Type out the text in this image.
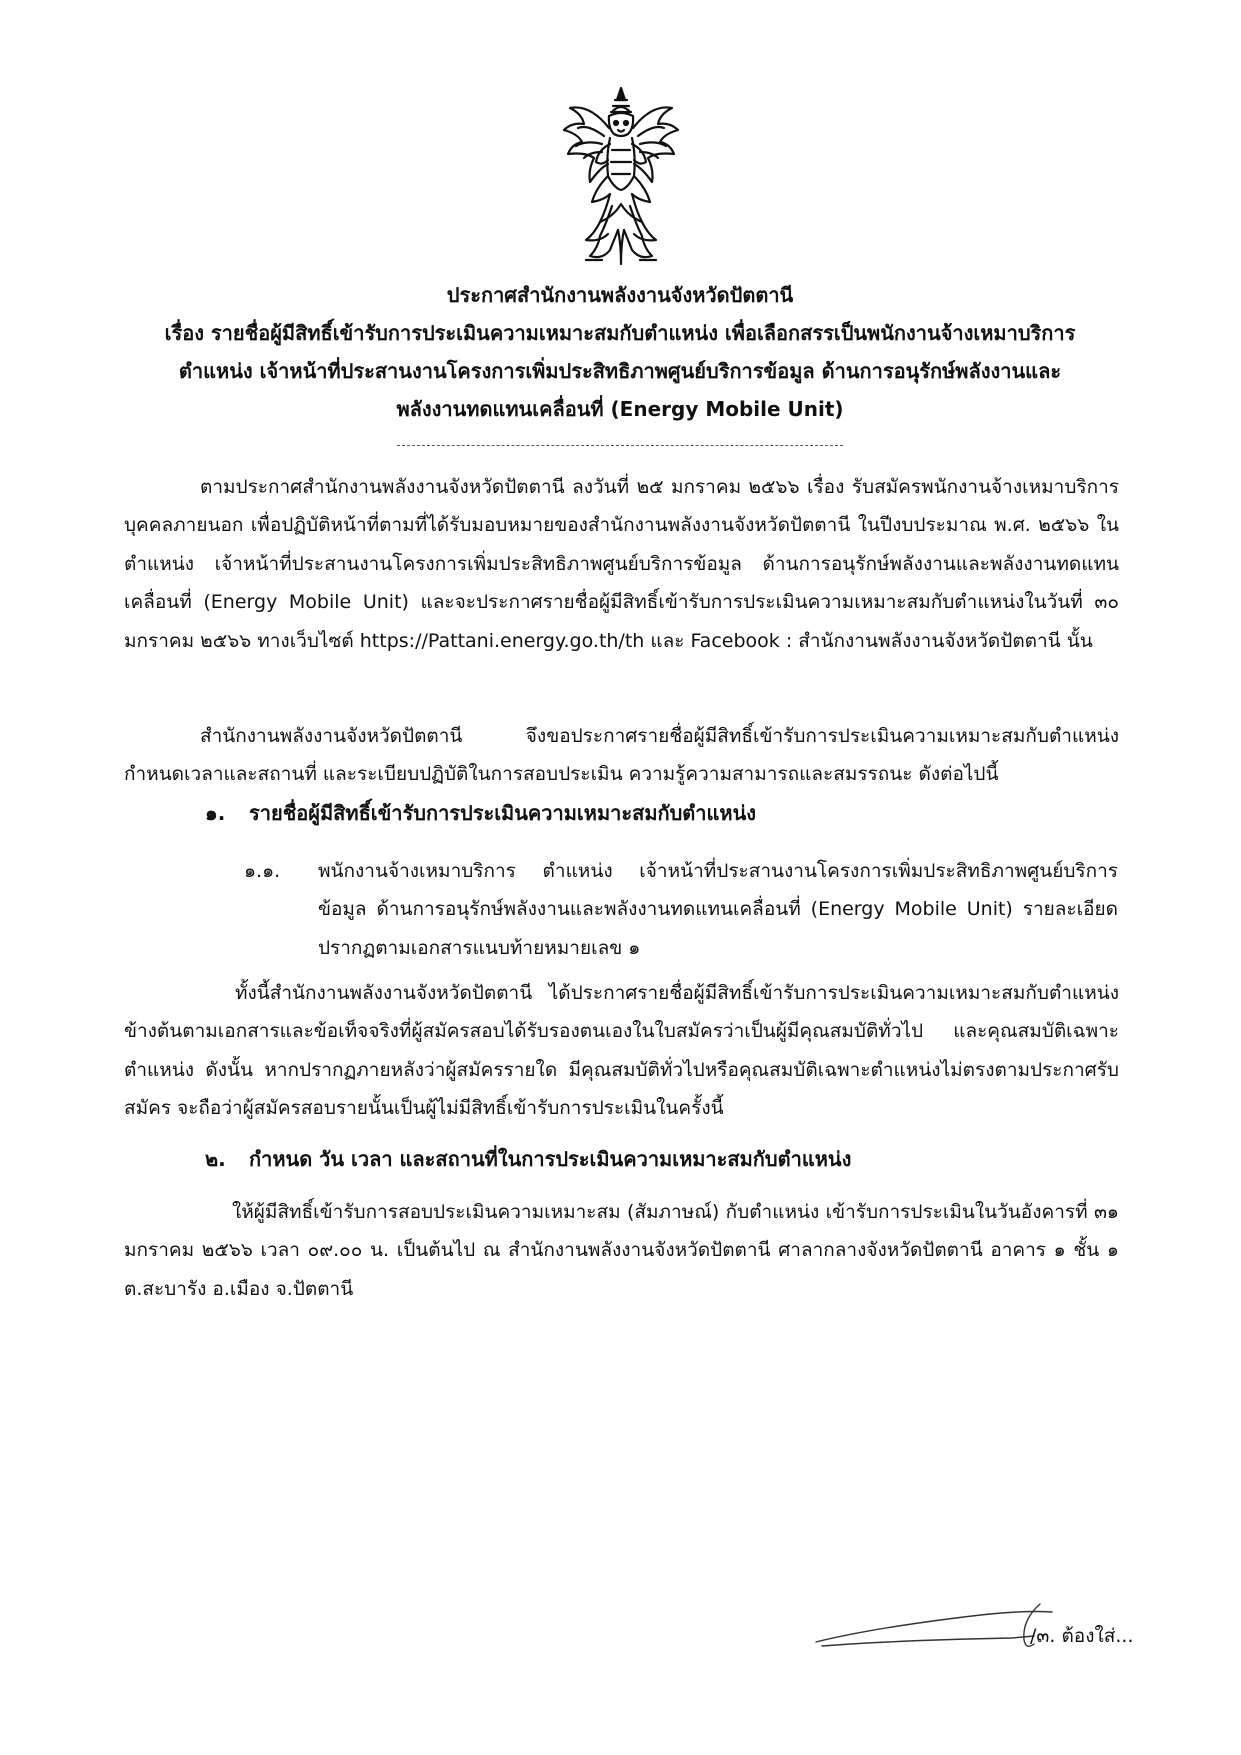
ประกาศสำนักงานพลังงานจังหวัดปัตตานี
เรื่อง รายชื่อผู้มีสิทธิ์เข้ารับการประเมินความเหมาะสมกับตำแหน่ง เพื่อเลือกสรรเป็นพนักงานจ้างเหมาบริการ
ตำแหน่ง เจ้าหน้าที่ประสานงานโครงการเพิ่มประสิทธิภาพศูนย์บริการข้อมูล ด้านการอนุรักษ์พลังงานและ
พลังงานทดแทนเคลื่อนที่ (Energy Mobile Unit)

ตามประกาศสำนักงานพลังงานจังหวัดปัตตานี ลงวันที่ ๒๕ มกราคม ๒๕๖๖ เรื่อง รับสมัครพนักงานจ้างเหมาบริการบุคคลภายนอก เพื่อปฏิบัติหน้าที่ตามที่ได้รับมอบหมายของสำนักงานพลังงานจังหวัดปัตตานี ในปีงบประมาณ พ.ศ. ๒๕๖๖ ในตำแหน่ง เจ้าหน้าที่ประสานงานโครงการเพิ่มประสิทธิภาพศูนย์บริการข้อมูล ด้านการอนุรักษ์พลังงานและพลังงานทดแทนเคลื่อนที่ (Energy Mobile Unit) และจะประกาศรายชื่อผู้มีสิทธิ์เข้ารับการประเมินความเหมาะสมกับตำแหน่งในวันที่ ๓๐ มกราคม ๒๕๖๖ ทางเว็บไซต์ https://Pattani.energy.go.th/th และ Facebook : สำนักงานพลังงานจังหวัดปัตตานี นั้น

สำนักงานพลังงานจังหวัดปัตตานี จึงขอประกาศรายชื่อผู้มีสิทธิ์เข้ารับการประเมินความเหมาะสมกับตำแหน่ง กำหนดเวลาและสถานที่ และระเบียบปฏิบัติในการสอบประเมิน ความรู้ความสามารถและสมรรถนะ ดังต่อไปนี้

๑. รายชื่อผู้มีสิทธิ์เข้ารับการประเมินความเหมาะสมกับตำแหน่ง
๑.๑. พนักงานจ้างเหมาบริการ ตำแหน่ง เจ้าหน้าที่ประสานงานโครงการเพิ่มประสิทธิภาพศูนย์บริการข้อมูล ด้านการอนุรักษ์พลังงานและพลังงานทดแทนเคลื่อนที่ (Energy Mobile Unit) รายละเอียดปรากฏตามเอกสารแนบท้ายหมายเลข ๑

ทั้งนี้สำนักงานพลังงานจังหวัดปัตตานี ได้ประกาศรายชื่อผู้มีสิทธิ์เข้ารับการประเมินความเหมาะสมกับตำแหน่งข้างต้นตามเอกสารและข้อเท็จจริงที่ผู้สมัครสอบได้รับรองตนเองในใบสมัครว่าเป็นผู้มีคุณสมบัติทั่วไป และคุณสมบัติเฉพาะตำแหน่ง ดังนั้น หากปรากฏภายหลังว่าผู้สมัครรายใด มีคุณสมบัติทั่วไปหรือคุณสมบัติเฉพาะตำแหน่งไม่ตรงตามประกาศรับสมัคร จะถือว่าผู้สมัครสอบรายนั้นเป็นผู้ไม่มีสิทธิ์เข้ารับการประเมินในครั้งนี้

๒. กำหนด วัน เวลา และสถานที่ในการประเมินความเหมาะสมกับตำแหน่ง

ให้ผู้มีสิทธิ์เข้ารับการสอบประเมินความเหมาะสม (สัมภาษณ์) กับตำแหน่ง เข้ารับการประเมินในวันอังคารที่ ๓๑ มกราคม ๒๕๖๖ เวลา ๐๙.๐๐ น. เป็นต้นไป ณ สำนักงานพลังงานจังหวัดปัตตานี ศาลากลางจังหวัดปัตตานี อาคาร ๑ ชั้น ๑ ต.สะบารัง อ.เมือง จ.ปัตตานี

/๓. ต้องใส่...
